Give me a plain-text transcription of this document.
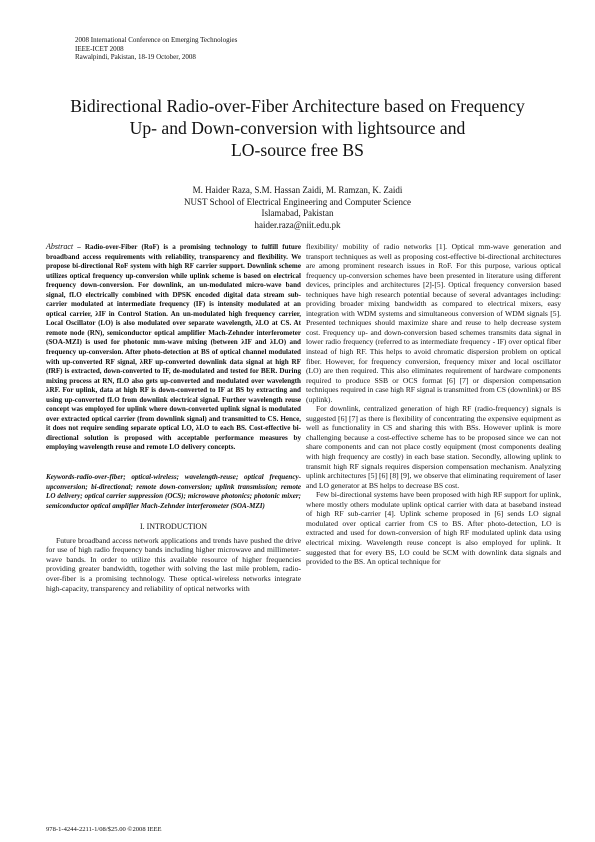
2008 International Conference on Emerging Technologies
IEEE-ICET 2008
Rawalpindi, Pakistan, 18-19 October, 2008
Bidirectional Radio-over-Fiber Architecture based on Frequency
Up- and Down-conversion with lightsource and
LO-source free BS
M. Haider Raza, S.M. Hassan Zaidi, M. Ramzan, K. Zaidi
NUST School of Electrical Engineering and Computer Science
Islamabad, Pakistan
haider.raza@niit.edu.pk

Abstract – Radio-over-Fiber (RoF) is a promising technology to fulfill future broadband access requirements with reliability, transparency and flexibility. We propose bi-directional RoF system with high RF carrier support. Downlink scheme utilizes optical frequency up-conversion while uplink scheme is based on electrical frequency down-conversion. For downlink, an un-modulated micro-wave band signal, fLO electrically combined with DPSK encoded digital data stream sub-carrier modulated at intermediate frequency (IF) is intensity modulated at an optical carrier, λIF in Control Station. An un-modulated high frequency carrier, Local Oscillator (LO) is also modulated over separate wavelength, λLO at CS. At remote node (RN), semiconductor optical amplifier Mach-Zehnder interferometer (SOA-MZI) is used for photonic mm-wave mixing (between λIF and λLO) and frequency up-conversion. After photo-detection at BS of optical channel modulated with up-converted RF signal, λRF up-converted downlink data signal at high RF (fRF) is extracted, down-converted to IF, de-modulated and tested for BER. During mixing process at RN, fLO also gets up-converted and modulated over wavelength λRF. For uplink, data at high RF is down-converted to IF at BS by extracting and using up-converted fLO from downlink electrical signal. Further wavelength reuse concept was employed for uplink where down-converted uplink signal is modulated over extracted optical carrier (from downlink signal) and transmitted to CS. Hence, it does not require sending separate optical LO, λLO to each BS. Cost-effective bi-directional solution is proposed with acceptable performance measures by employing wavelength reuse and remote LO delivery concepts.

Keywords-radio-over-fiber; optical-wireless; wavelength-reuse; optical frequency-upconversion; bi-directional; remote down-conversion; uplink transmission; remote LO delivery; optical carrier suppression (OCS); microwave photonics; photonic mixer; semiconductor optical amplifier Mach-Zehnder interferometer (SOA-MZI)

I. INTRODUCTION

Future broadband access network applications and trends have pushed the drive for use of high radio frequency bands including higher microwave and millimeter-wave bands. In order to utilize this available resource of higher frequencies providing greater bandwidth, together with solving the last mile problem, radio-over-fiber is a promising technology. These optical-wireless networks integrate high-capacity, transparency and reliability of optical networks with

flexibility/ mobility of radio networks [1]. Optical mm-wave generation and transport techniques as well as proposing cost-effective bi-directional architectures are among prominent research issues in RoF. For this purpose, various optical frequency up-conversion schemes have been presented in literature using different devices, principles and architectures [2]-[5]. Optical frequency conversion based techniques have high research potential because of several advantages including: providing broader mixing bandwidth as compared to electrical mixers, easy integration with WDM systems and simultaneous conversion of WDM signals [5]. Presented techniques should maximize share and reuse to help decrease system cost. Frequency up- and down-conversion based schemes transmits data signal in lower radio frequency (referred to as intermediate frequency - IF) over optical fiber instead of high RF. This helps to avoid chromatic dispersion problem on optical fiber. However, for frequency conversion, frequency mixer and local oscillator (LO) are then required. This also eliminates requirement of hardware components required to produce SSB or OCS format [6] [7] or dispersion compensation techniques required in case high RF signal is transmitted from CS (downlink) or BS (uplink).

For downlink, centralized generation of high RF (radio-frequency) signals is suggested [6] [7] as there is flexibility of concentrating the expensive equipment as well as functionality in CS and sharing this with BSs. However uplink is more challenging because a cost-effective scheme has to be proposed since we can not share components and can not place costly equipment (most components dealing with high frequency are costly) in each base station. Secondly, allowing uplink to transmit high RF signals requires dispersion compensation mechanism. Analyzing uplink architectures [5] [6] [8] [9], we observe that eliminating requirement of laser and LO generator at BS helps to decrease BS cost.

Few bi-directional systems have been proposed with high RF support for uplink, where mostly others modulate uplink optical carrier with data at baseband instead of high RF sub-carrier [4]. Uplink scheme proposed in [6] sends LO signal modulated over optical carrier from CS to BS. After photo-detection, LO is extracted and used for down-conversion of high RF modulated uplink data using electrical mixing. Wavelength reuse concept is also employed for uplink. It suggested that for every BS, LO could be SCM with downlink data signals and provided to the BS. An optical technique for

978-1-4244-2211-1/08/$25.00 ©2008 IEEE
